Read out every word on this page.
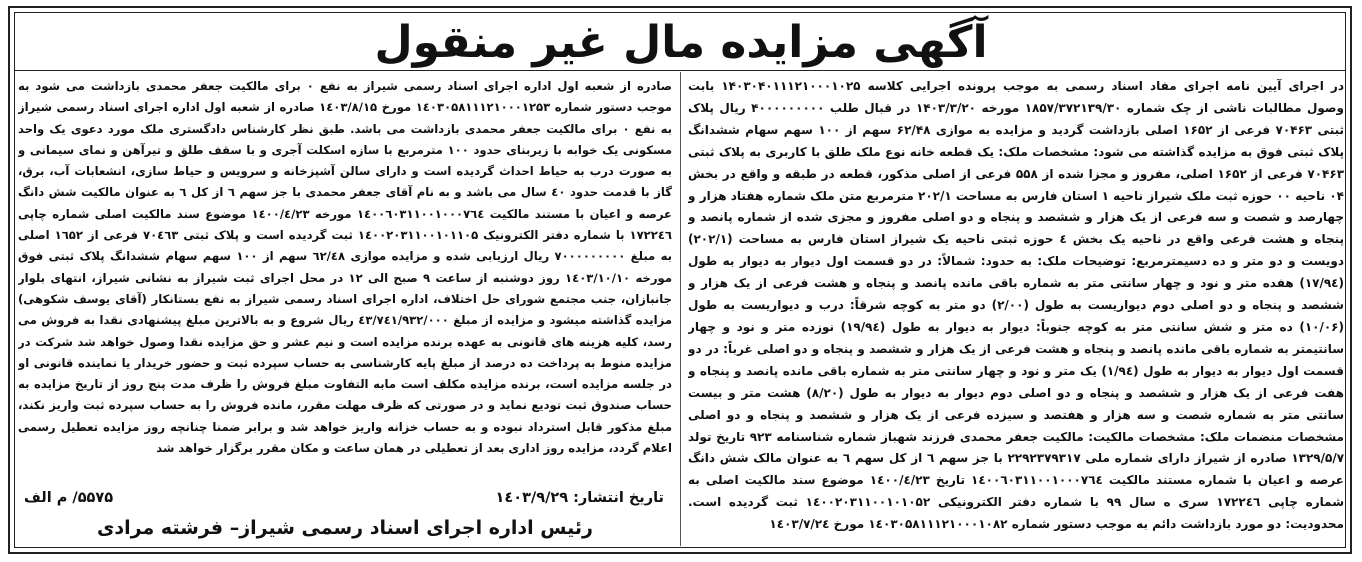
آگهی مزایده مال غیر منقول
در اجرای آیین نامه اجرای مفاد اسناد رسمی به موجب پرونده اجرایی کلاسه ۱۴۰۳۰۴۰۱۱۱۲۱۰۰۰۱۰۲۵ بابت وصول مطالبات ناشی از چک شماره ۱۸۵۷/۳۷۲۱۳۹/۳۰ مورخه ۱۴۰۳/۳/۲۰ در قبال طلب ۴۰۰۰۰۰۰۰۰۰ ریال پلاک ثبتی ۷۰۴۶۳ فرعی از ۱۶۵۲ اصلی بازداشت گردید و مزایده به موازی ۶۲/۴۸ سهم از ۱۰۰ سهم سهام ششدانگ پلاک ثبتی فوق به مزایده گذاشته می شود: مشخصات ملک: یک قطعه خانه نوع ملک طلق با کاربری به پلاک ثبتی ۷۰۴۶۳ فرعی از ۱۶۵۲ اصلی، مفروز و مجزا شده از ۵۵۸ فرعی از اصلی مذکور، قطعه در طبقه و واقع در بخش ۰۴ ناحیه ۰۰ حوزه ثبت ملک شیراز ناحیه ۱ استان فارس به مساحت ۲۰۲/۱ مترمربع متن ملک شماره هفتاد هزار و چهارصد و شصت و سه فرعی از یک هزار و ششصد و پنجاه و دو اصلی مفروز و مجزی شده از شماره پانصد و پنجاه و هشت فرعی واقع در ناحیه یک بخش ٤ حوزه ثبتی ناحیه یک شیراز استان فارس به مساحت (۲۰۲/۱) دویست و دو متر و ده دسیمترمربع: توضیحات ملک: به حدود: شمالاً: در دو قسمت اول دیوار به دیوار به طول (۱۷/۹٤) هفده متر و نود و چهار سانتی متر به شماره باقی مانده پانصد و پنجاه و هشت فرعی از یک هزار و ششصد و پنجاه و دو اصلی دوم دیواریست به طول (۲/۰۰) دو متر به کوچه شرقاً: درب و دیواریست به طول (۱۰/۰۶) ده متر و شش سانتی متر به کوچه جنوباً: دیوار به دیوار به طول (۱۹/۹٤) نوزده متر و نود و چهار سانتیمتر به شماره باقی مانده پانصد و پنجاه و هشت فرعی از یک هزار و ششصد و پنجاه و دو اصلی غرباً: در دو قسمت اول دیوار به دیوار به طول (۱/۹٤) یک متر و نود و چهار سانتی متر به شماره باقی مانده پانصد و پنجاه و هفت فرعی از یک هزار و ششصد و پنجاه و دو اصلی دوم دیوار به دیوار به طول (۸/۲۰) هشت متر و بیست سانتی متر به شماره شصت و سه هزار و هفتصد و سیزده فرعی از یک هزار و ششصد و پنجاه و دو اصلی مشخصات منضمات ملک: مشخصات مالکیت: مالکیت جعفر محمدی فرزند شهباز شماره شناسنامه ۹۲۳ تاریخ تولد ۱۳۲۹/۵/۷ صادره از شیراز دارای شماره ملی ۲۲۹۲۳۷۹۳۱۷ با جز سهم ٦ از کل سهم ٦ به عنوان مالک شش دانگ عرصه و اعیان با شماره مستند مالکیت ۱٤۰۰٦۰۳۱۱۰۰۱۰۰۰۷٦٤ تاریخ ۱٤۰۰/٤/۲۳ موضوع سند مالکیت اصلی به شماره چاپی ۱۷۲۲٤٦ سری ه سال ۹۹ با شماره دفتر الکترونیکی ۱٤۰۰۲۰۳۱۱۰۰۱۰۱۰۵۲ ثبت گردیده است. محدودیت: دو مورد بازداشت دائم به موجب دستور شماره ۱٤۰۳۰۵۸۱۱۱۲۱۰۰۰۱۰۸۲ مورخ ۱٤۰۳/۷/۲٤
صادره از شعبه اول اداره اجرای اسناد رسمی شیراز به نفع ۰ برای مالکیت جعفر محمدی بازداشت می شود به موجب دستور شماره ۱٤۰۳۰۵۸۱۱۱۲۱۰۰۰۱۲۵۳ مورخ ۱٤۰۳/۸/۱۵ صادره از شعبه اول اداره اجرای اسناد رسمی شیراز به نفع ۰ برای مالکیت جعفر محمدی بازداشت می باشد. طبق نظر کارشناس دادگستری ملک مورد دعوی یک واحد مسکونی یک خوابه با زیربنای حدود ۱۰۰ مترمربع با سازه اسکلت آجری و با سقف طلق و تیرآهن و نمای سیمانی و به صورت درب به حیاط احداث گردیده است و دارای سالن آشپزخانه و سرویس و حیاط سازی، انشعابات آب، برق، گاز با قدمت حدود ٤۰ سال می باشد و به نام آقای جعفر محمدی با جز سهم ٦ از کل ٦ به عنوان مالکیت شش دانگ عرصه و اعیان با مستند مالکیت ۱٤۰۰٦۰۳۱۱۰۰۱۰۰۰۷٦٤ مورخه ۱٤۰۰/٤/۲۳ موضوع سند مالکیت اصلی شماره چاپی ۱۷۲۲٤٦ با شماره دفتر الکترونیک ۱٤۰۰۲۰۳۱۱۰۰۱۰۱۱۰۵ ثبت گردیده است و پلاک ثبتی ۷۰٤٦۳ فرعی از ۱٦۵۲ اصلی به مبلغ ۷۰۰۰۰۰۰۰۰۰ ریال ارزیابی شده و مزایده موازی ٦۲/٤۸ سهم از ۱۰۰ سهم سهام ششدانگ پلاک ثبتی فوق مورخه ۱٤۰۳/۱۰/۱۰ روز دوشنبه از ساعت ۹ صبح الی ۱۲ در محل اجرای ثبت شیراز به نشانی شیراز، انتهای بلوار جانبازان، جنب مجتمع شورای حل اختلاف، اداره اجرای اسناد رسمی شیراز به نفع بستانکار (آقای یوسف شکوهی) مزایده گذاشته میشود و مزایده از مبلغ ٤۳/۷٤۱/۹۳۲/۰۰۰ ریال شروع و به بالاترین مبلغ پیشنهادی نقدا به فروش می رسد، کلیه هزینه های قانونی به عهده برنده مزایده است و نیم عشر و حق مزایده نقدا وصول خواهد شد شرکت در مزایده منوط به پرداخت ده درصد از مبلغ پایه کارشناسی به حساب سپرده ثبت و حضور خریدار یا نماینده قانونی او در جلسه مزایده است، برنده مزایده مکلف است مابه التفاوت مبلغ فروش را ظرف مدت پنج روز از تاریخ مزایده به حساب صندوق ثبت تودیع نماید و در صورتی که ظرف مهلت مقرر، مانده فروش را به حساب سپرده ثبت واریز نکند، مبلغ مذکور قابل استرداد نبوده و به حساب خزانه واریز خواهد شد و برابر ضمنا چنانچه روز مزایده تعطیل رسمی اعلام گردد، مزایده روز اداری بعد از تعطیلی در همان ساعت و مکان مقرر برگزار خواهد شد
تاریخ انتشار: ۱٤۰۳/۹/۲۹
۵۵۷۵/ م الف
رئیس اداره اجرای اسناد رسمی شیراز– فرشته مرادی
